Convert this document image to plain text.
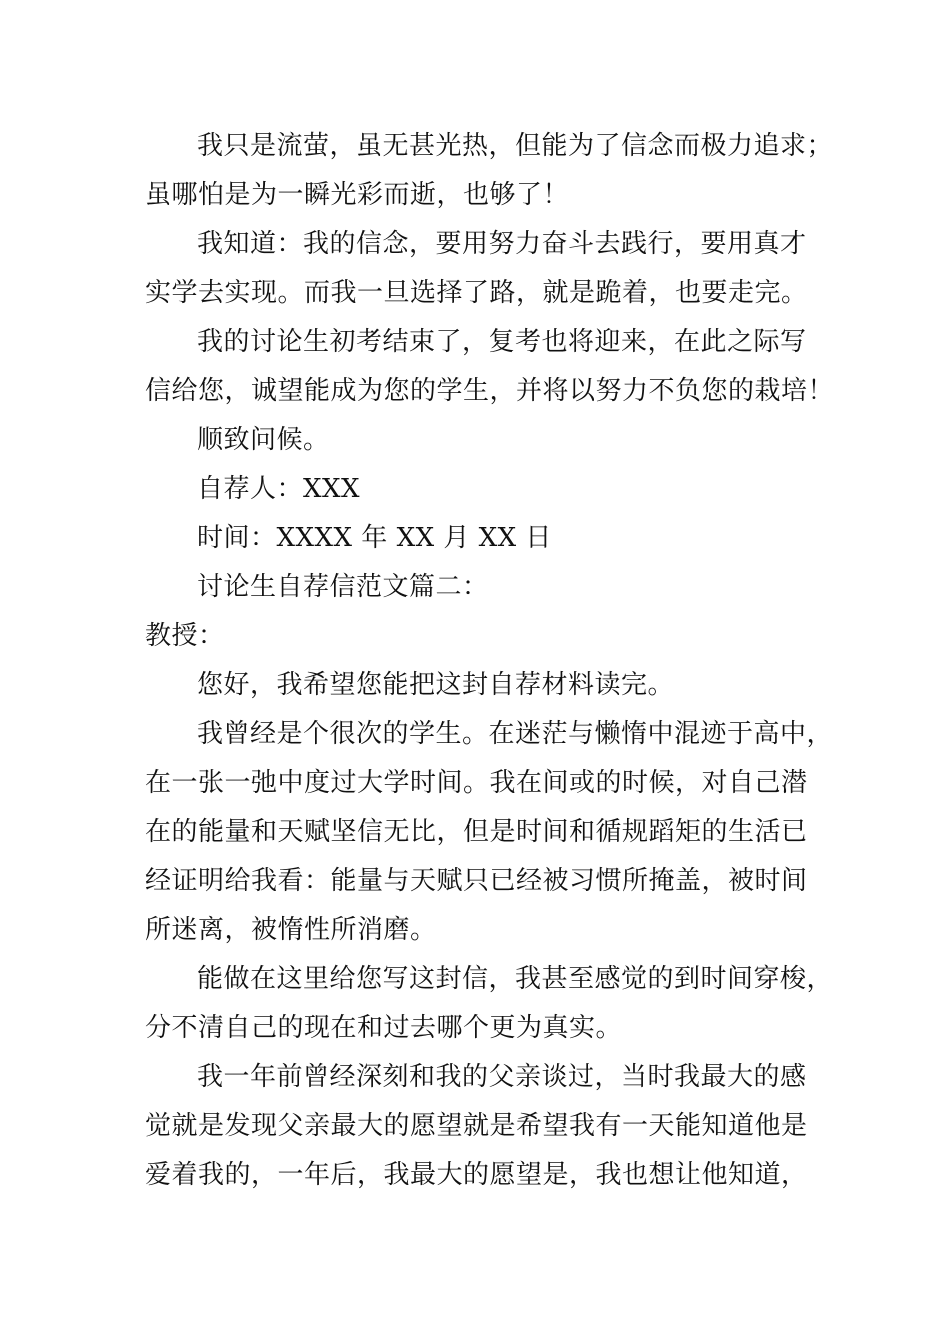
我只是流萤，虽无甚光热，但能为了信念而极力追求；
虽哪怕是为一瞬光彩而逝，也够了！
我知道：我的信念，要用努力奋斗去践行，要用真才
实学去实现。而我一旦选择了路，就是跪着，也要走完。
我的讨论生初考结束了，复考也将迎来，在此之际写
信给您，诚望能成为您的学生，并将以努力不负您的栽培！
顺致问候。
自荐人：XXX
时间：XXXX 年 XX 月 XX 日
讨论生自荐信范文篇二：
教授：
您好，我希望您能把这封自荐材料读完。
我曾经是个很次的学生。在迷茫与懒惰中混迹于高中，
在一张一弛中度过大学时间。我在间或的时候，对自己潜
在的能量和天赋坚信无比，但是时间和循规蹈矩的生活已
经证明给我看：能量与天赋只已经被习惯所掩盖，被时间
所迷离，被惰性所消磨。
能做在这里给您写这封信，我甚至感觉的到时间穿梭，
分不清自己的现在和过去哪个更为真实。
我一年前曾经深刻和我的父亲谈过，当时我最大的感
觉就是发现父亲最大的愿望就是希望我有一天能知道他是
爱着我的，一年后，我最大的愿望是，我也想让他知道，
